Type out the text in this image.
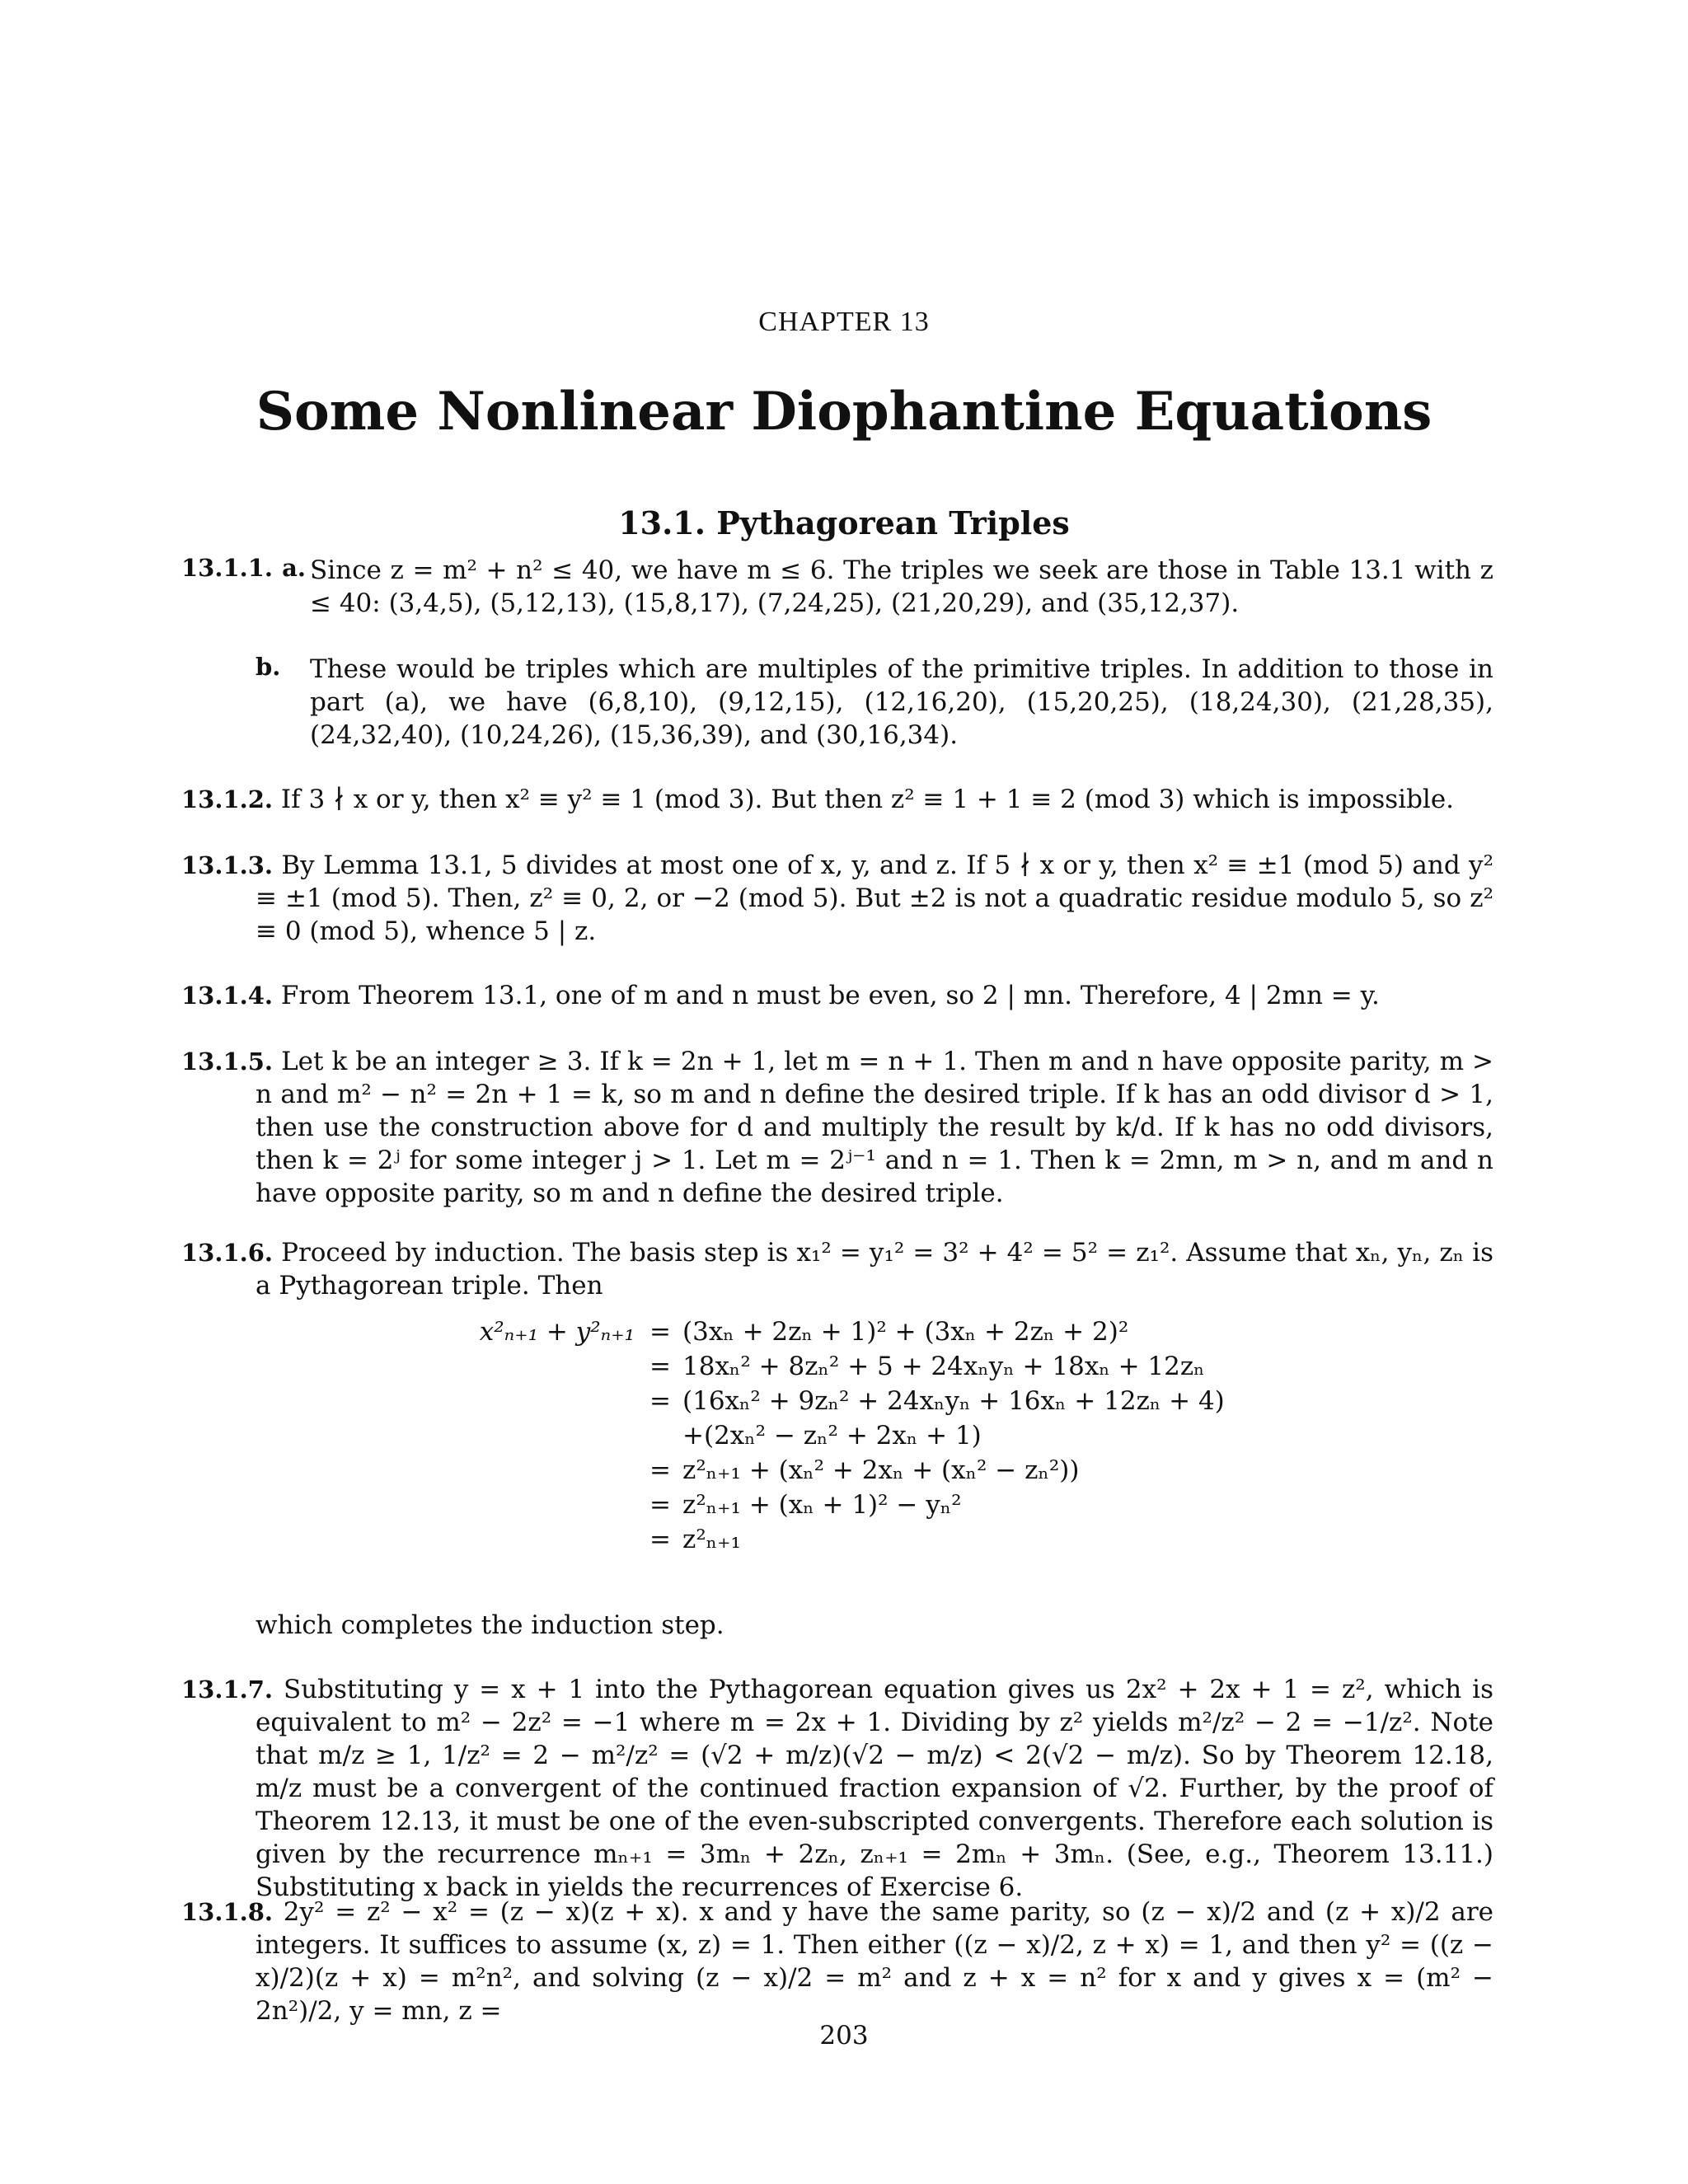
CHAPTER 13
Some Nonlinear Diophantine Equations
13.1. Pythagorean Triples
13.1.1. a. Since z = m² + n² ≤ 40, we have m ≤ 6. The triples we seek are those in Table 13.1 with z ≤ 40: (3,4,5), (5,12,13), (15,8,17), (7,24,25), (21,20,29), and (35,12,37).
b. These would be triples which are multiples of the primitive triples. In addition to those in part (a), we have (6,8,10), (9,12,15), (12,16,20), (15,20,25), (18,24,30), (21,28,35), (24,32,40), (10,24,26), (15,36,39), and (30,16,34).
13.1.2. If 3 ∤ x or y, then x² ≡ y² ≡ 1 (mod 3). But then z² ≡ 1 + 1 ≡ 2 (mod 3) which is impossible.
13.1.3. By Lemma 13.1, 5 divides at most one of x, y, and z. If 5 ∤ x or y, then x² ≡ ±1 (mod 5) and y² ≡ ±1 (mod 5). Then, z² ≡ 0, 2, or −2 (mod 5). But ±2 is not a quadratic residue modulo 5, so z² ≡ 0 (mod 5), whence 5 | z.
13.1.4. From Theorem 13.1, one of m and n must be even, so 2 | mn. Therefore, 4 | 2mn = y.
13.1.5. Let k be an integer ≥ 3. If k = 2n + 1, let m = n + 1. Then m and n have opposite parity, m > n and m² − n² = 2n + 1 = k, so m and n define the desired triple. If k has an odd divisor d > 1, then use the construction above for d and multiply the result by k/d. If k has no odd divisors, then k = 2ʲ for some integer j > 1. Let m = 2ʲ⁻¹ and n = 1. Then k = 2mn, m > n, and m and n have opposite parity, so m and n define the desired triple.
13.1.6. Proceed by induction. The basis step is x₁² = y₁² = 3² + 4² = 5² = z₁². Assume that xₙ, yₙ, zₙ is a Pythagorean triple. Then
x²ₙ₊₁ + y²ₙ₊₁ = (3xₙ + 2zₙ + 1)² + (3xₙ + 2zₙ + 2)²
= 18xₙ² + 8zₙ² + 5 + 24xₙyₙ + 18xₙ + 12zₙ
= (16xₙ² + 9zₙ² + 24xₙyₙ + 16xₙ + 12zₙ + 4)
+(2xₙ² − zₙ² + 2xₙ + 1)
= z²ₙ₊₁ + (xₙ² + 2xₙ + (xₙ² − zₙ²))
= z²ₙ₊₁ + (xₙ + 1)² − yₙ²
= z²ₙ₊₁
which completes the induction step.
13.1.7. Substituting y = x + 1 into the Pythagorean equation gives us 2x² + 2x + 1 = z², which is equivalent to m² − 2z² = −1 where m = 2x + 1. Dividing by z² yields m²/z² − 2 = −1/z². Note that m/z ≥ 1, 1/z² = 2 − m²/z² = (√2 + m/z)(√2 − m/z) < 2(√2 − m/z). So by Theorem 12.18, m/z must be a convergent of the continued fraction expansion of √2. Further, by the proof of Theorem 12.13, it must be one of the even-subscripted convergents. Therefore each solution is given by the recurrence mₙ₊₁ = 3mₙ + 2zₙ, zₙ₊₁ = 2mₙ + 3mₙ. (See, e.g., Theorem 13.11.) Substituting x back in yields the recurrences of Exercise 6.
13.1.8. 2y² = z² − x² = (z − x)(z + x). x and y have the same parity, so (z − x)/2 and (z + x)/2 are integers. It suffices to assume (x, z) = 1. Then either ((z − x)/2, z + x) = 1, and then y² = ((z − x)/2)(z + x) = m²n², and solving (z − x)/2 = m² and z + x = n² for x and y gives x = (m² − 2n²)/2, y = mn, z =
203
